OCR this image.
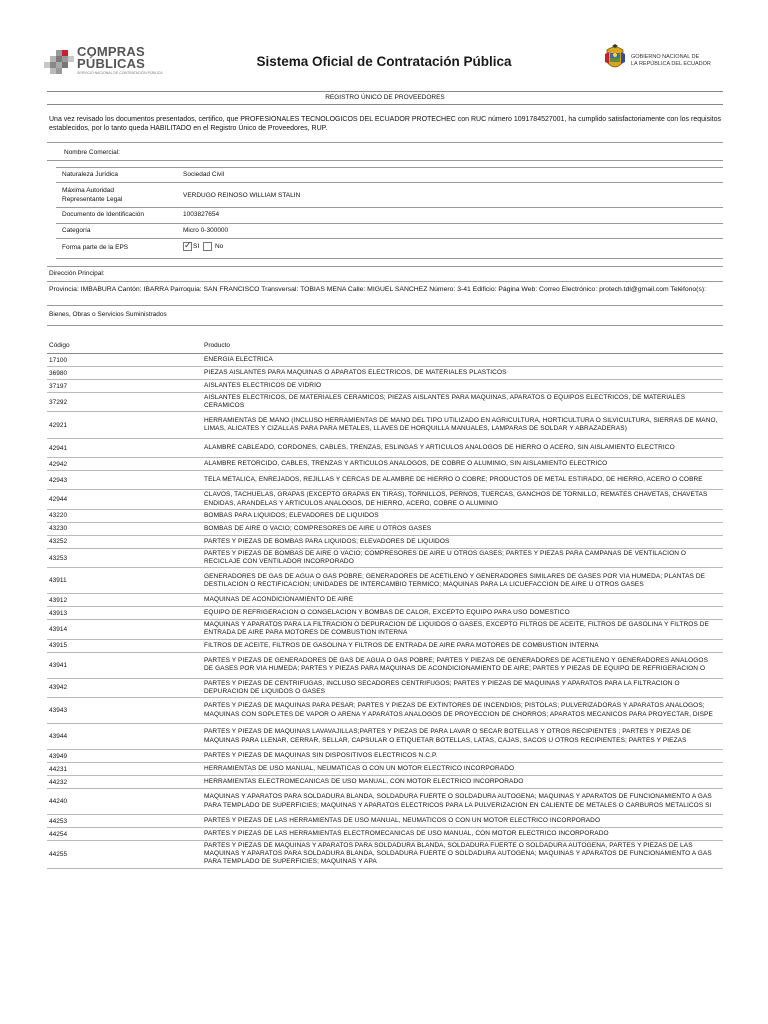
COMPRAS
PÚBLICAS
SERVICIO NACIONAL DE CONTRATACIÓN PÚBLICA
Sistema Oficial de Contratación Pública	GOBIERNO NACIONAL DE
LA REPÚBLICA DEL ECUADOR
REGISTRO ÚNICO DE PROVEEDORES
Una vez revisado los documentos presentados, certifico, que PROFESIONALES TECNOLOGICOS DEL ECUADOR PROTECHEC con RUC número 1091784527001, ha cumplido satisfactoriamente con los requisitos establecidos, por lo tanto queda HABILITADO en el Registro Único de Proveedores, RUP.
Nombre Comercial:
Naturaleza Jurídica	Sociedad Civil
Máxima Autoridad
Representante Legal
VERDUGO REINOSO WILLIAM STALIN
Documento de Identificación	1003827654
Categoría	Micro 0-300000
Forma parte de la EPS
✓	SI No
Dirección Principal:
Provincia: IMBABURA Cantón: IBARRA Parroquia: SAN FRANCISCO Transversal: TOBIAS MENA Calle: MIGUEL SANCHEZ Número: 3-41 Edificio: Página Web: Correo Electrónico: protech.tdl@gmail.com Teléfono(s):
Bienes, Obras o Servicios Suministrados
Código	Producto
17100	ENERGIA ELECTRICA
36980	PIEZAS AISLANTES PARA MAQUINAS O APARATOS ELECTRICOS, DE MATERIALES PLASTICOS
37197	AISLANTES ELECTRICOS DE VIDRIO
37292
AISLANTES ELECTRICOS, DE MATERIALES CERAMICOS; PIEZAS AISLANTES PARA MAQUINAS, APARATOS O EQUIPOS ELECTRICOS, DE MATERIALES CERAMICOS
42921
HERRAMIENTAS DE MANO (INCLUSO HERRAMIENTAS DE MANO DEL TIPO UTILIZADO EN AGRICULTURA, HORTICULTURA O SILVICULTURA, SIERRAS DE MANO, LIMAS, ALICATES Y CIZALLAS PARA PARA METALES, LLAVES DE HORQUILLA MANUALES, LAMPARAS DE SOLDAR Y ABRAZADERAS)
42941	ALAMBRE CABLEADO, CORDONES, CABLES, TRENZAS, ESLINGAS Y ARTICULOS ANALOGOS DE HIERRO O ACERO, SIN AISLAMIENTO ELECTRICO
42942	ALAMBRE RETORCIDO, CABLES, TRENZAS Y ARTICULOS ANALOGOS, DE COBRE O ALUMINIO, SIN AISLAMIENTO ELECTRICO
42943	TELA METALICA, ENREJADOS, REJILLAS Y CERCAS DE ALAMBRE DE HIERRO O COBRE; PRODUCTOS DE METAL ESTIRADO, DE HIERRO, ACERO O COBRE
42944
CLAVOS, TACHUELAS, GRAPAS (EXCEPTO GRAPAS EN TIRAS), TORNILLOS, PERNOS, TUERCAS, GANCHOS DE TORNILLO, REMATES CHAVETAS, CHAVETAS ENDIDAS, ARANDELAS Y ARTICULOS ANALOGOS, DE HIERRO, ACERO, COBRE O ALUMINIO
43220	BOMBAS PARA LIQUIDOS; ELEVADORES DE LIQUIDOS
43230	BOMBAS DE AIRE O VACIO; COMPRESORES DE AIRE U OTROS GASES
43252	PARTES Y PIEZAS DE BOMBAS PARA LIQUIDOS; ELEVADORES DE LIQUIDOS
43253
PARTES Y PIEZAS DE BOMBAS DE AIRE O VACIO; COMPRESORES DE AIRE U OTROS GASES; PARTES Y PIEZAS PARA CAMPANAS DE VENTILACION O RECICLAJE CON VENTILADOR INCORPORADO
43911
GENERADORES DE GAS DE AGUA O GAS POBRE; GENERADORES DE ACETILENO Y GENERADORES SIMILARES DE GASES POR VIA HUMEDA; PLANTAS DE DESTILACION O RECTIFICACION; UNIDADES DE INTERCAMBIO TERMICO; MAQUINAS PARA LA LICUEFACCION DE AIRE U OTROS GASES
43912	MAQUINAS DE ACONDICIONAMIENTO DE AIRE
43913	EQUIPO DE REFRIGERACION O CONGELACION Y BOMBAS DE CALOR, EXCEPTO EQUIPO PARA USO DOMESTICO
43914
MAQUINAS Y APARATOS PARA LA FILTRACION O DEPURACION DE LIQUIDOS O GASES, EXCEPTO FILTROS DE ACEITE, FILTROS DE GASOLINA Y FILTROS DE ENTRADA DE AIRE PARA MOTORES DE COMBUSTION INTERNA
43915	FILTROS DE ACEITE, FILTROS DE GASOLINA Y FILTROS DE ENTRADA DE AIRE PARA MOTORES DE COMBUSTION INTERNA
43941
PARTES Y PIEZAS DE GENERADORES DE GAS DE AGUA O GAS POBRE; PARTES Y PIEZAS DE GENERADORES DE ACETILENO Y GENERADORES ANALOGOS DE GASES POR VIA HUMEDA; PARTES Y PIEZAS PARA MAQUINAS DE ACONDICIONAMIENTO DE AIRE; PARTES Y PIEZAS DE EQUIPO DE REFRIGERACION O
43942
PARTES Y PIEZAS DE CENTRIFUGAS, INCLUSO SECADORES CENTRIFUGOS; PARTES Y PIEZAS DE MAQUINAS Y APARATOS PARA LA FILTRACION O DEPURACION DE LIQUIDOS O GASES
43943
PARTES Y PIEZAS DE MAQUINAS PARA PESAR; PARTES Y PIEZAS DE EXTINTORES DE INCENDIOS; PISTOLAS; PULVERIZADORAS Y APARATOS ANALOGOS; MAQUINAS CON SOPLETES DE VAPOR O ARENA Y APARATOS ANALOGOS DE PROYECCION DE CHORROS; APARATOS MECANICOS PARA PROYECTAR, DISPE
43944
PARTES Y PIEZAS DE MAQUINAS LAVAVAJILLAS;PARTES Y PIEZAS DE PARA LAVAR O SECAR BOTELLAS Y OTROS RECIPIENTES ; PARTES Y PIEZAS DE MAQUINAS PARA LLENAR, CERRAR, SELLAR, CAPSULAR O ETIQUETAR BOTELLAS, LATAS, CAJAS, SACOS U OTROS RECIPIENTES; PARTES Y PIEZAS
43949	PARTES Y PIEZAS DE MAQUINAS SIN DISPOSITIVOS ELECTRICOS N.C.P.
44231	HERRAMIENTAS DE USO MANUAL, NEUMATICAS O CON UN MOTOR ELECTRICO INCORPORADO
44232	HERRAMIENTAS ELECTROMECANICAS DE USO MANUAL, CON MOTOR ELECTRICO INCORPORADO
44240
MAQUINAS Y APARATOS PARA SOLDADURA BLANDA, SOLDADURA FUERTE O SOLDADURA AUTOGENA; MAQUINAS Y APARATOS DE FUNCIONAMIENTO A GAS PARA TEMPLADO DE SUPERFICIES; MAQUINAS Y APARATOS ELECTRICOS PARA LA PULVERIZACION EN CALIENTE DE METALES O CARBUROS METALICOS SI
44253	PARTES Y PIEZAS DE LAS HERRAMIENTAS DE USO MANUAL, NEUMATICOS O CON UN MOTOR ELECTRICO INCORPORADO
44254	PARTES Y PIEZAS DE LAS HERRAMIENTAS ELECTROMECANICAS DE USO MANUAL, CON MOTOR ELECTRICO INCORPORADO
44255
PARTES Y PIEZAS DE MAQUINAS Y APARATOS PARA SOLDADURA BLANDA, SOLDADURA FUERTE O SOLDADURA AUTOGENA, PARTES Y PIEZAS DE LAS MAQUINAS Y APARATOS PARA SOLDADURA BLANDA, SOLDADURA FUERTE O SOLDADURA AUTOGENA; MAQUINAS Y APARATOS DE FUNCIONAMIENTO A GAS PARA TEMPLADO DE SUPERFICIES; MAQUINAS Y APA
